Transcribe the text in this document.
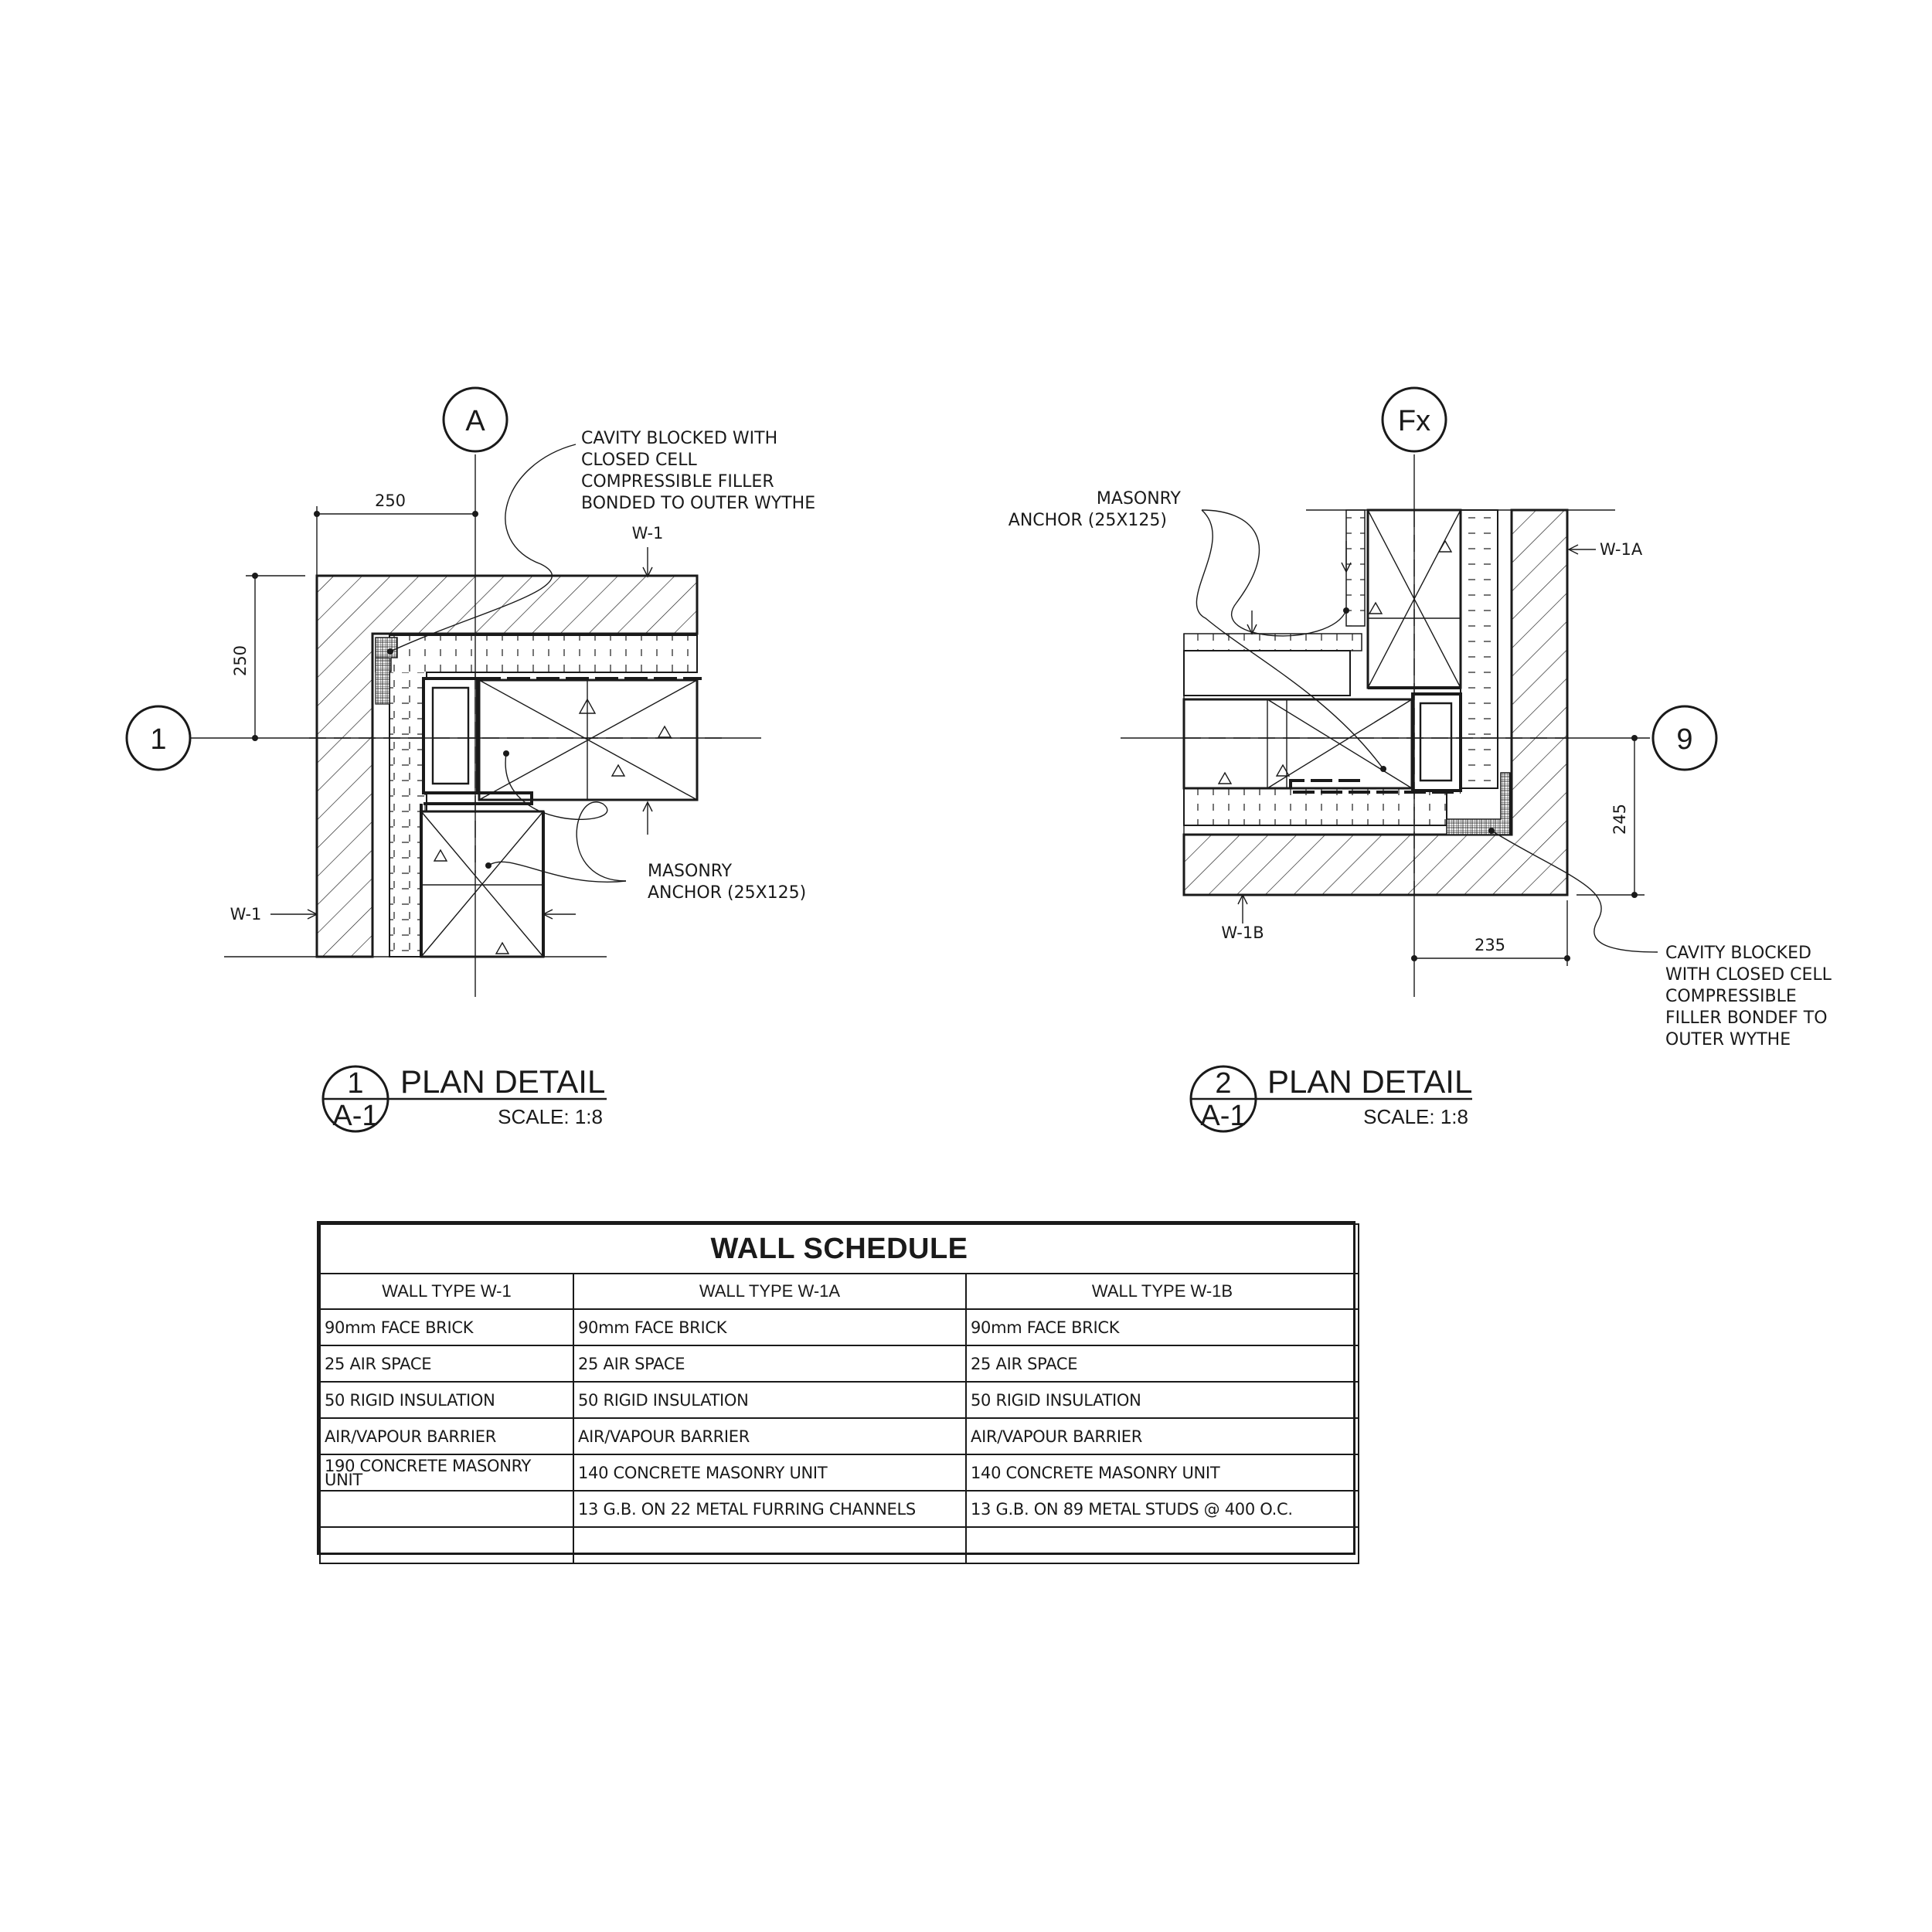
A
1
250
250
W-1
W-1
CAVITY BLOCKED WITH
CLOSED CELL
COMPRESSIBLE FILLER
BONDED TO OUTER WYTHE
MASONRY
ANCHOR (25X125)
1
A-1
PLAN DETAIL
SCALE: 1:8
Fx
9
245
235
W-1A
W-1B
MASONRY
ANCHOR (25X125)
CAVITY BLOCKED
WITH CLOSED CELL
COMPRESSIBLE
FILLER BONDEF TO
OUTER WYTHE
2
A-1
PLAN DETAIL
SCALE: 1:8
WALL SCHEDULE		
WALL TYPE W-1	WALL TYPE W-1A	WALL TYPE W-1B
90mm FACE BRICK	90mm FACE BRICK	90mm FACE BRICK
25 AIR SPACE	25 AIR SPACE	25 AIR SPACE
50 RIGID INSULATION	50 RIGID INSULATION	50 RIGID INSULATION
AIR/VAPOUR BARRIER	AIR/VAPOUR BARRIER	AIR/VAPOUR BARRIER
190 CONCRETE MASONRY UNIT	140 CONCRETE MASONRY UNIT	140 CONCRETE MASONRY UNIT
	13 G.B. ON 22 METAL FURRING CHANNELS	13 G.B. ON 89 METAL STUDS @ 400 O.C.
